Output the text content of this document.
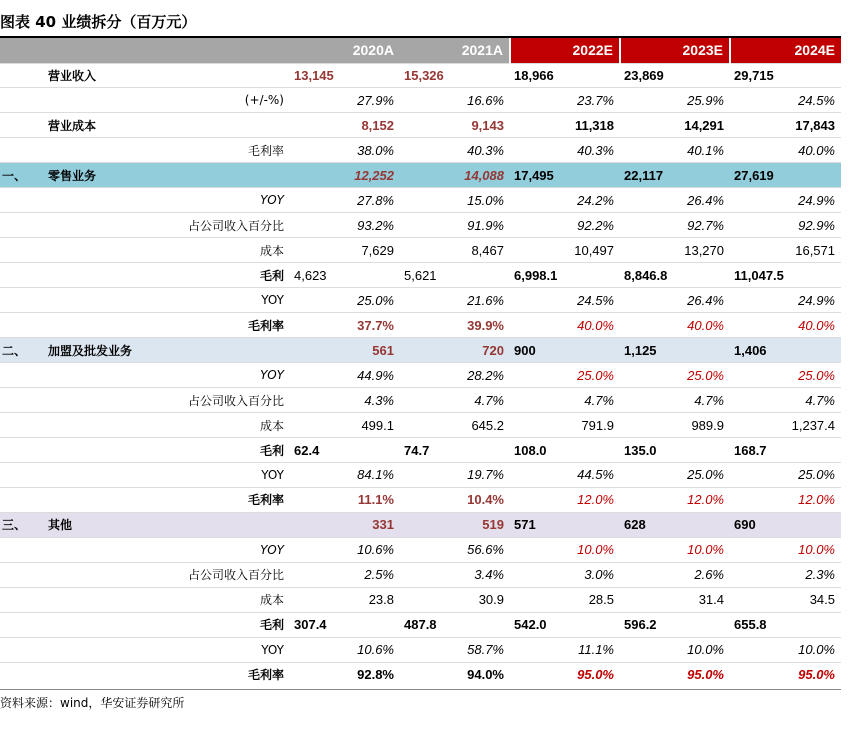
图表 40 业绩拆分（百万元）
		2020A	2021A	2022E	2023E	2024E
	营业收入	13,145	15,326	18,966	23,869	29,715
	(+/-%)	27.9%	16.6%	23.7%	25.9%	24.5%
	营业成本	8,152	9,143	11,318	14,291	17,843
	毛利率	38.0%	40.3%	40.3%	40.1%	40.0%
一、	零售业务	12,252	14,088	17,495	22,117	27,619
	YOY	27.8%	15.0%	24.2%	26.4%	24.9%
	占公司收入百分比	93.2%	91.9%	92.2%	92.7%	92.9%
	成本	7,629	8,467	10,497	13,270	16,571
	毛利	4,623	5,621	6,998.1	8,846.8	11,047.5
	YOY	25.0%	21.6%	24.5%	26.4%	24.9%
	毛利率	37.7%	39.9%	40.0%	40.0%	40.0%
二、	加盟及批发业务	561	720	900	1,125	1,406
	YOY	44.9%	28.2%	25.0%	25.0%	25.0%
	占公司收入百分比	4.3%	4.7%	4.7%	4.7%	4.7%
	成本	499.1	645.2	791.9	989.9	1,237.4
	毛利	62.4	74.7	108.0	135.0	168.7
	YOY	84.1%	19.7%	44.5%	25.0%	25.0%
	毛利率	11.1%	10.4%	12.0%	12.0%	12.0%
三、	其他	331	519	571	628	690
	YOY	10.6%	56.6%	10.0%	10.0%	10.0%
	占公司收入百分比	2.5%	3.4%	3.0%	2.6%	2.3%
	成本	23.8	30.9	28.5	31.4	34.5
	毛利	307.4	487.8	542.0	596.2	655.8
	YOY	10.6%	58.7%	11.1%	10.0%	10.0%
	毛利率	92.8%	94.0%	95.0%	95.0%	95.0%
资料来源：wind，华安证券研究所
